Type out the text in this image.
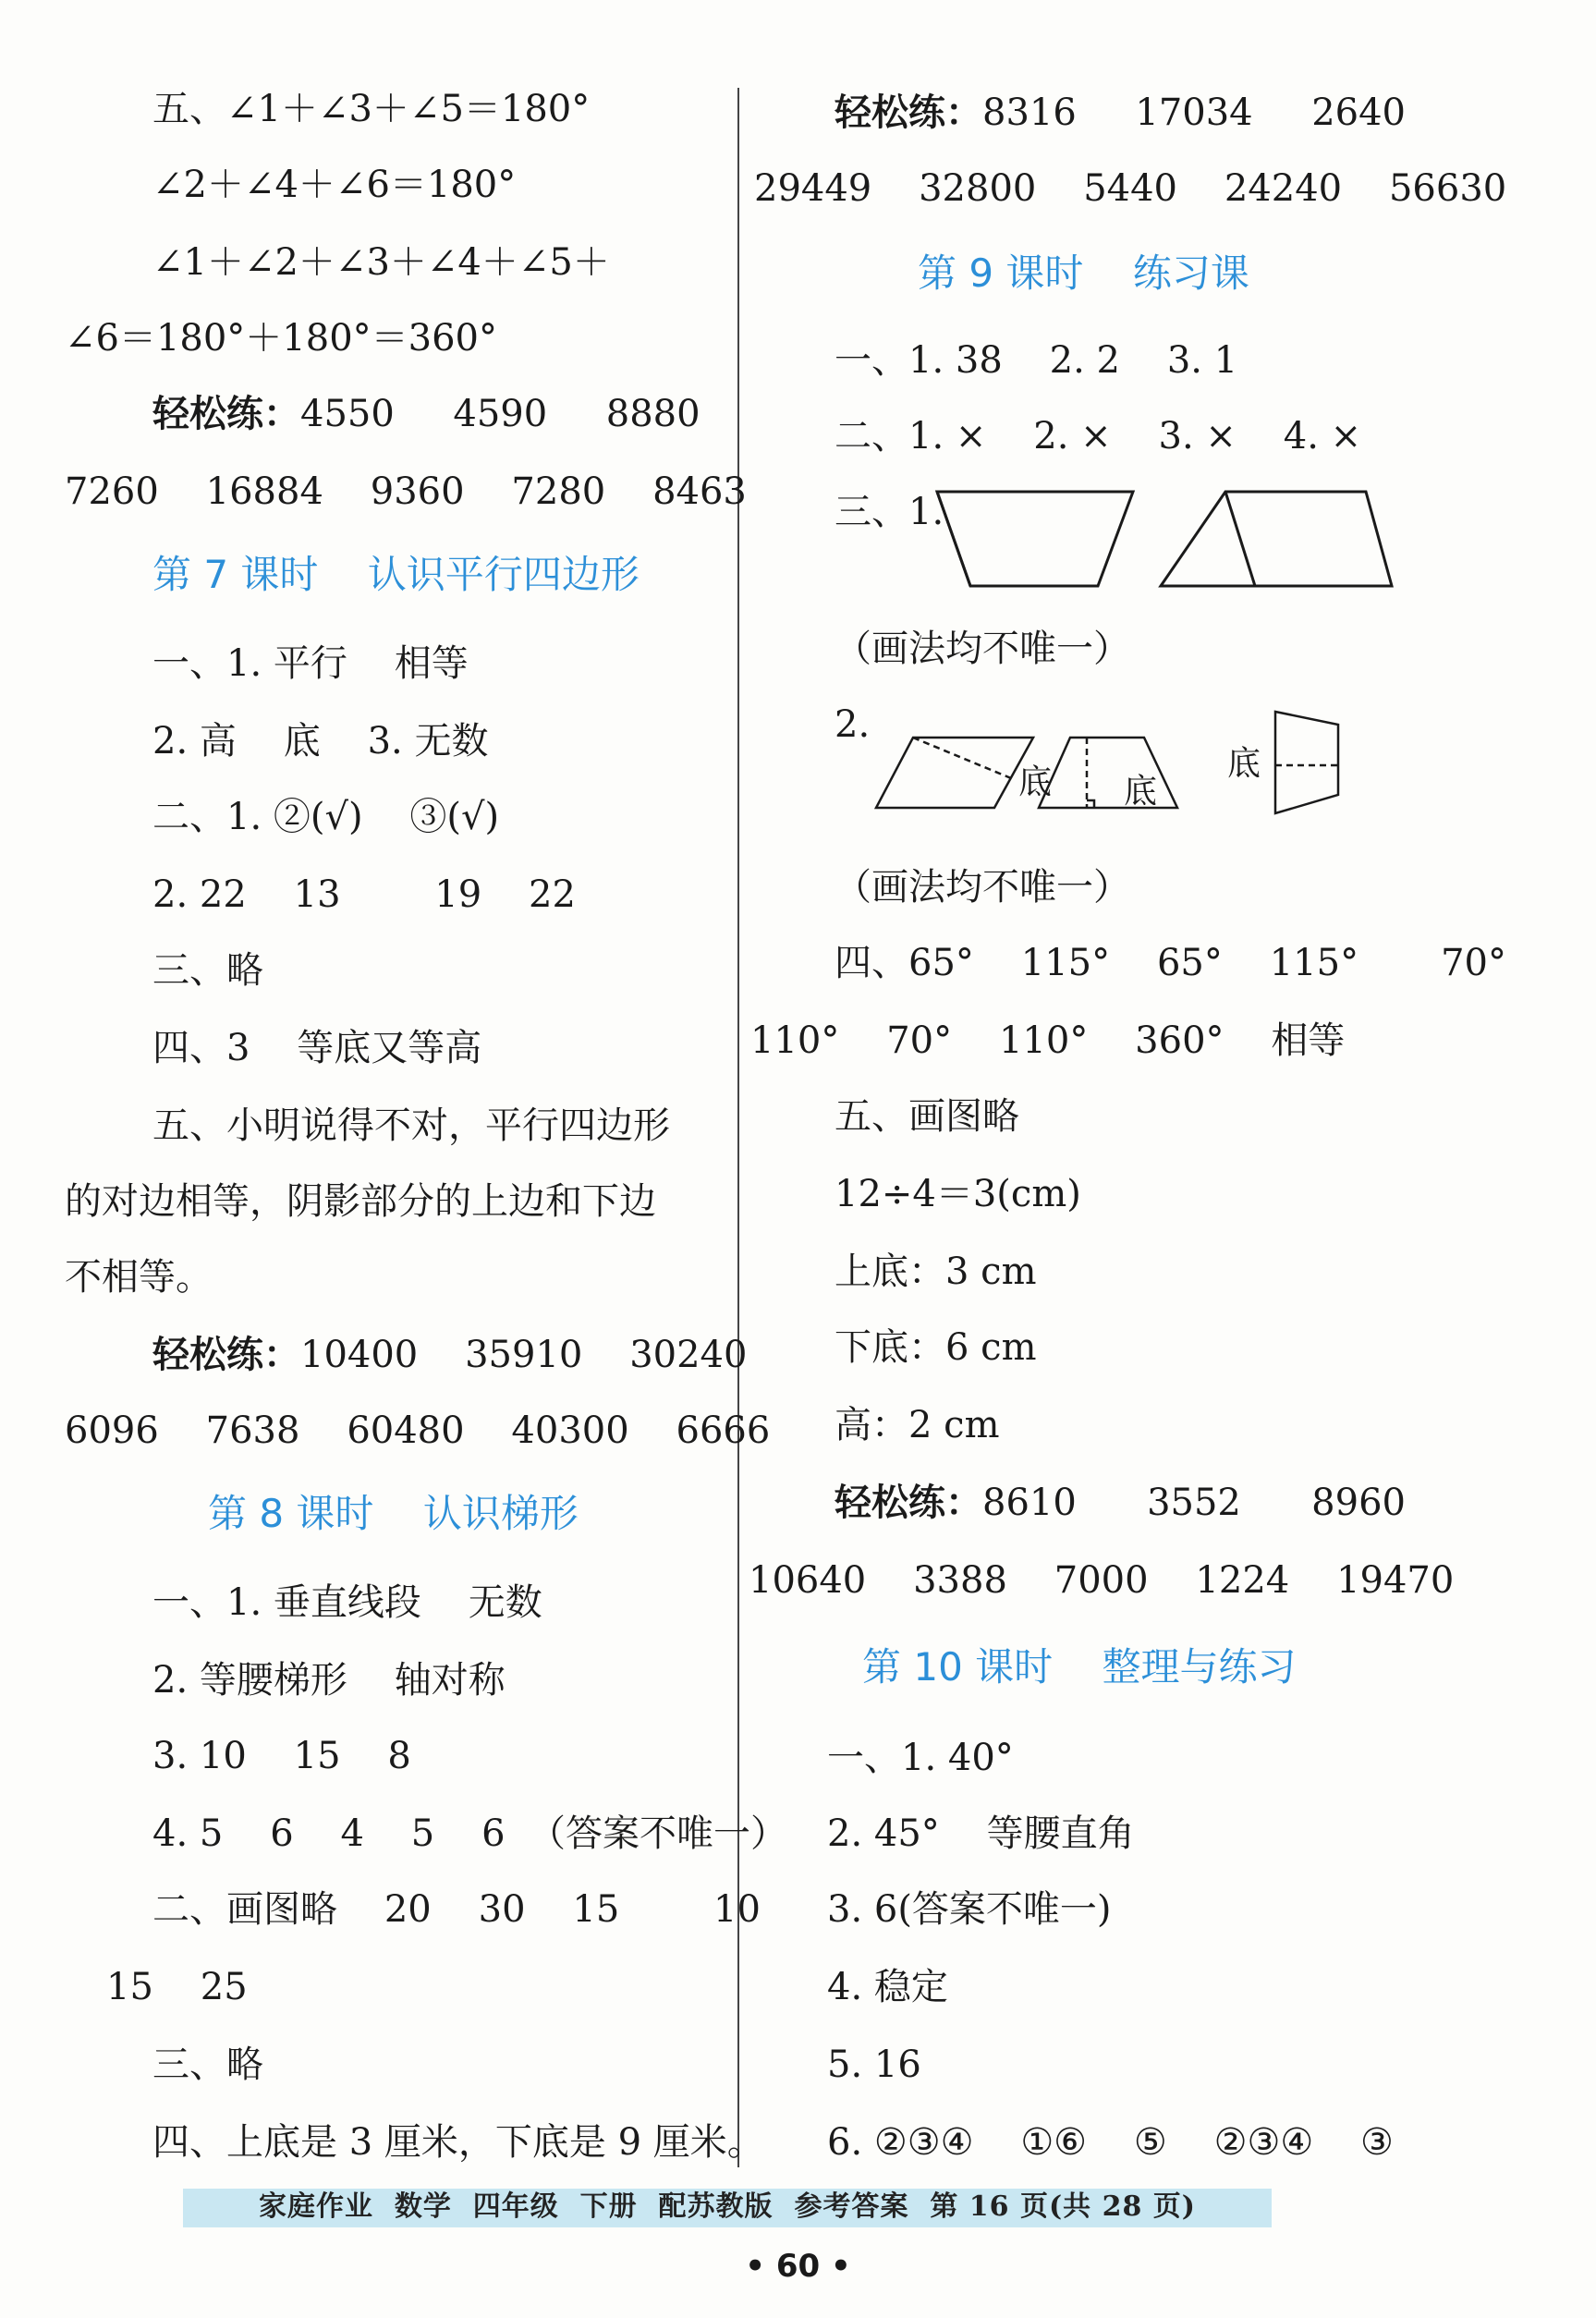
五、∠1＋∠3＋∠5＝180°
∠2＋∠4＋∠6＝180°
∠1＋∠2＋∠3＋∠4＋∠5＋
∠6＝180°＋180°＝360°
轻松练：4550     4590     8880
7260    16884    9360    7280    8463
第 7 课时    认识平行四边形
一、1. 平行    相等
2. 高    底    3. 无数
二、1. ②(√)    ③(√)
2. 22    13        19    22
三、略
四、3    等底又等高
五、小明说得不对，平行四边形
的对边相等，阴影部分的上边和下边
不相等。
轻松练：10400    35910    30240
6096    7638    60480    40300    6666
第 8 课时    认识梯形
一、1. 垂直线段    无数
2. 等腰梯形    轴对称
3. 10    15    8
4. 5    6    4    5    6  （答案不唯一）
二、画图略    20    30    15        10
15    25
三、略
四、上底是 3 厘米，下底是 9 厘米。
轻松练：8316     17034     2640
29449    32800    5440    24240    56630
第 9 课时    练习课
一、1. 38    2. 2    3. 1
二、1. ×    2. ×    3. ×    4. ×
三、1.
（画法均不唯一）
2.
底 底
底
（画法均不唯一）
四、65°    115°    65°    115°       70°
110°    70°    110°    360°    相等
五、画图略
12÷4＝3(cm)
上底：3 cm
下底：6 cm
高：2 cm
轻松练：8610      3552      8960
10640    3388    7000    1224    19470
第 10 课时    整理与练习
一、1. 40°
2. 45°    等腰直角
3. 6(答案不唯一)
4. 稳定
5. 16
6. ②③④    ①⑥    ⑤    ②③④    ③
家庭作业  数学  四年级  下册  配苏教版  参考答案  第 16 页(共 28 页)
• 60 •
